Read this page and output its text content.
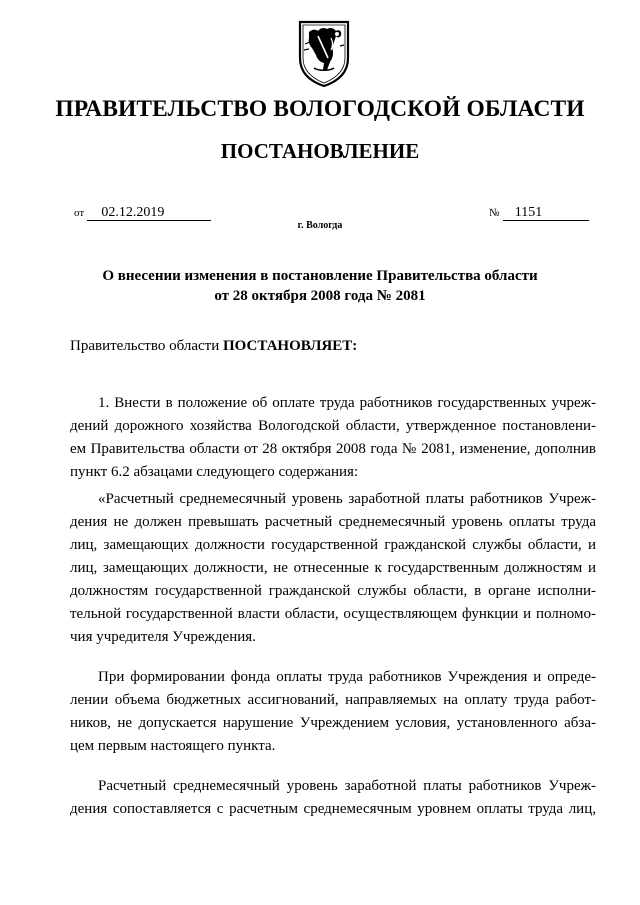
ПРАВИТЕЛЬСТВО ВОЛОГОДСКОЙ ОБЛАСТИ
ПОСТАНОВЛЕНИЕ
от 02.12.2019	№ 1151
г. Вологда
О внесении изменения в постановление Правительства области
от 28 октября 2008 года № 2081
Правительство области ПОСТАНОВЛЯЕТ:
1. Внести в положение об оплате труда работников государственных учреж-
дений дорожного хозяйства Вологодской области, утвержденное постановлени-
ем Правительства области от 28 октября 2008 года № 2081, изменение, дополнив
пункт 6.2 абзацами следующего содержания:
«Расчетный среднемесячный уровень заработной платы работников Учреж-
дения не должен превышать расчетный среднемесячный уровень оплаты труда
лиц, замещающих должности государственной гражданской службы области, и
лиц, замещающих должности, не отнесенные к государственным должностям и
должностям государственной гражданской службы области, в органе исполни-
тельной государственной власти области, осуществляющем функции и полномо-
чия учредителя Учреждения.
При формировании фонда оплаты труда работников Учреждения и опреде-
лении объема бюджетных ассигнований, направляемых на оплату труда работ-
ников, не допускается нарушение Учреждением условия, установленного абза-
цем первым настоящего пункта.
Расчетный среднемесячный уровень заработной платы работников Учреж-
дения сопоставляется с расчетным среднемесячным уровнем оплаты труда лиц,
